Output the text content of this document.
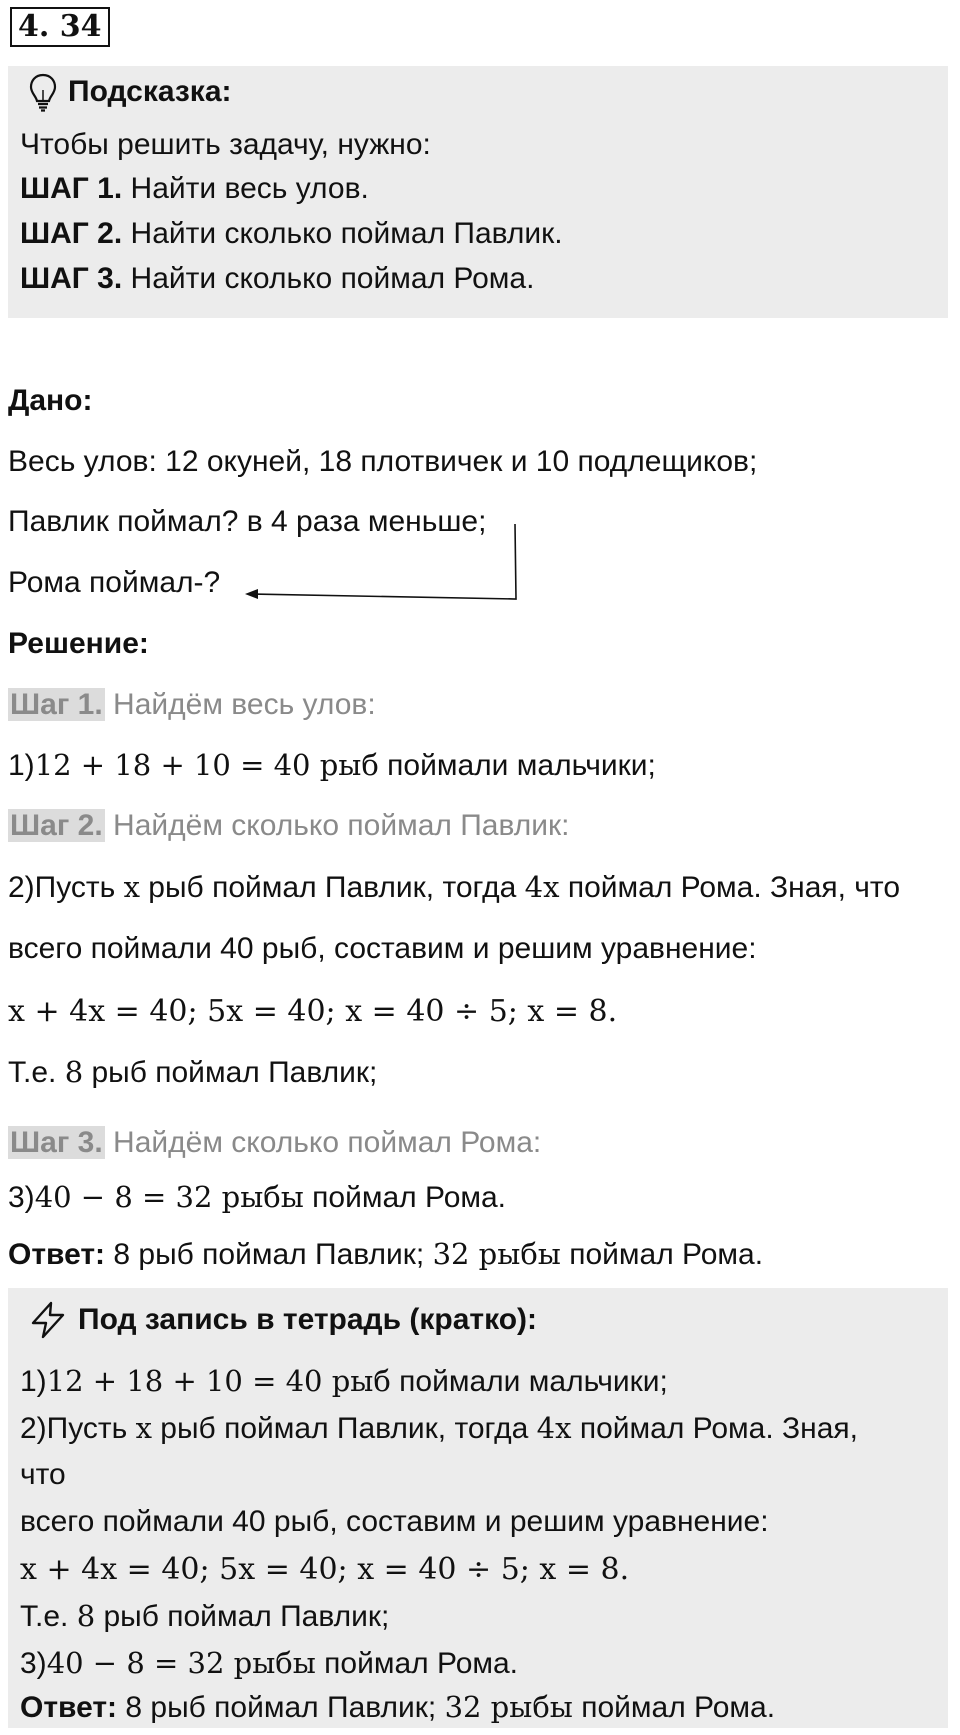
4. 34
Подсказка:
Чтобы решить задачу, нужно:
ШАГ 1. Найти весь улов.
ШАГ 2. Найти сколько поймал Павлик.
ШАГ 3. Найти сколько поймал Рома.
Дано:
Весь улов: 12 окуней, 18 плотвичек и 10 подлещиков;
Павлик поймал? в 4 раза меньше;
Рома поймал-?
Решение:
Шаг 1. Найдём весь улов:
1)12 + 18 + 10 = 40 рыб поймали мальчики;
Шаг 2. Найдём сколько поймал Павлик:
2)Пусть x рыб поймал Павлик, тогда 4x поймал Рома. Зная, что
всего поймали 40 рыб, составим и решим уравнение:
x + 4x = 40; 5x = 40; x = 40 ÷ 5; x = 8.
Т.е. 8 рыб поймал Павлик;
Шаг 3. Найдём сколько поймал Рома:
3)40 − 8 = 32 рыбы поймал Рома.
Ответ: 8 рыб поймал Павлик; 32 рыбы поймал Рома.
Под запись в тетрадь (кратко):
1)12 + 18 + 10 = 40 рыб поймали мальчики;
2)Пусть x рыб поймал Павлик, тогда 4x поймал Рома. Зная,
что
всего поймали 40 рыб, составим и решим уравнение:
x + 4x = 40; 5x = 40; x = 40 ÷ 5; x = 8.
Т.е. 8 рыб поймал Павлик;
3)40 − 8 = 32 рыбы поймал Рома.
Ответ: 8 рыб поймал Павлик; 32 рыбы поймал Рома.
